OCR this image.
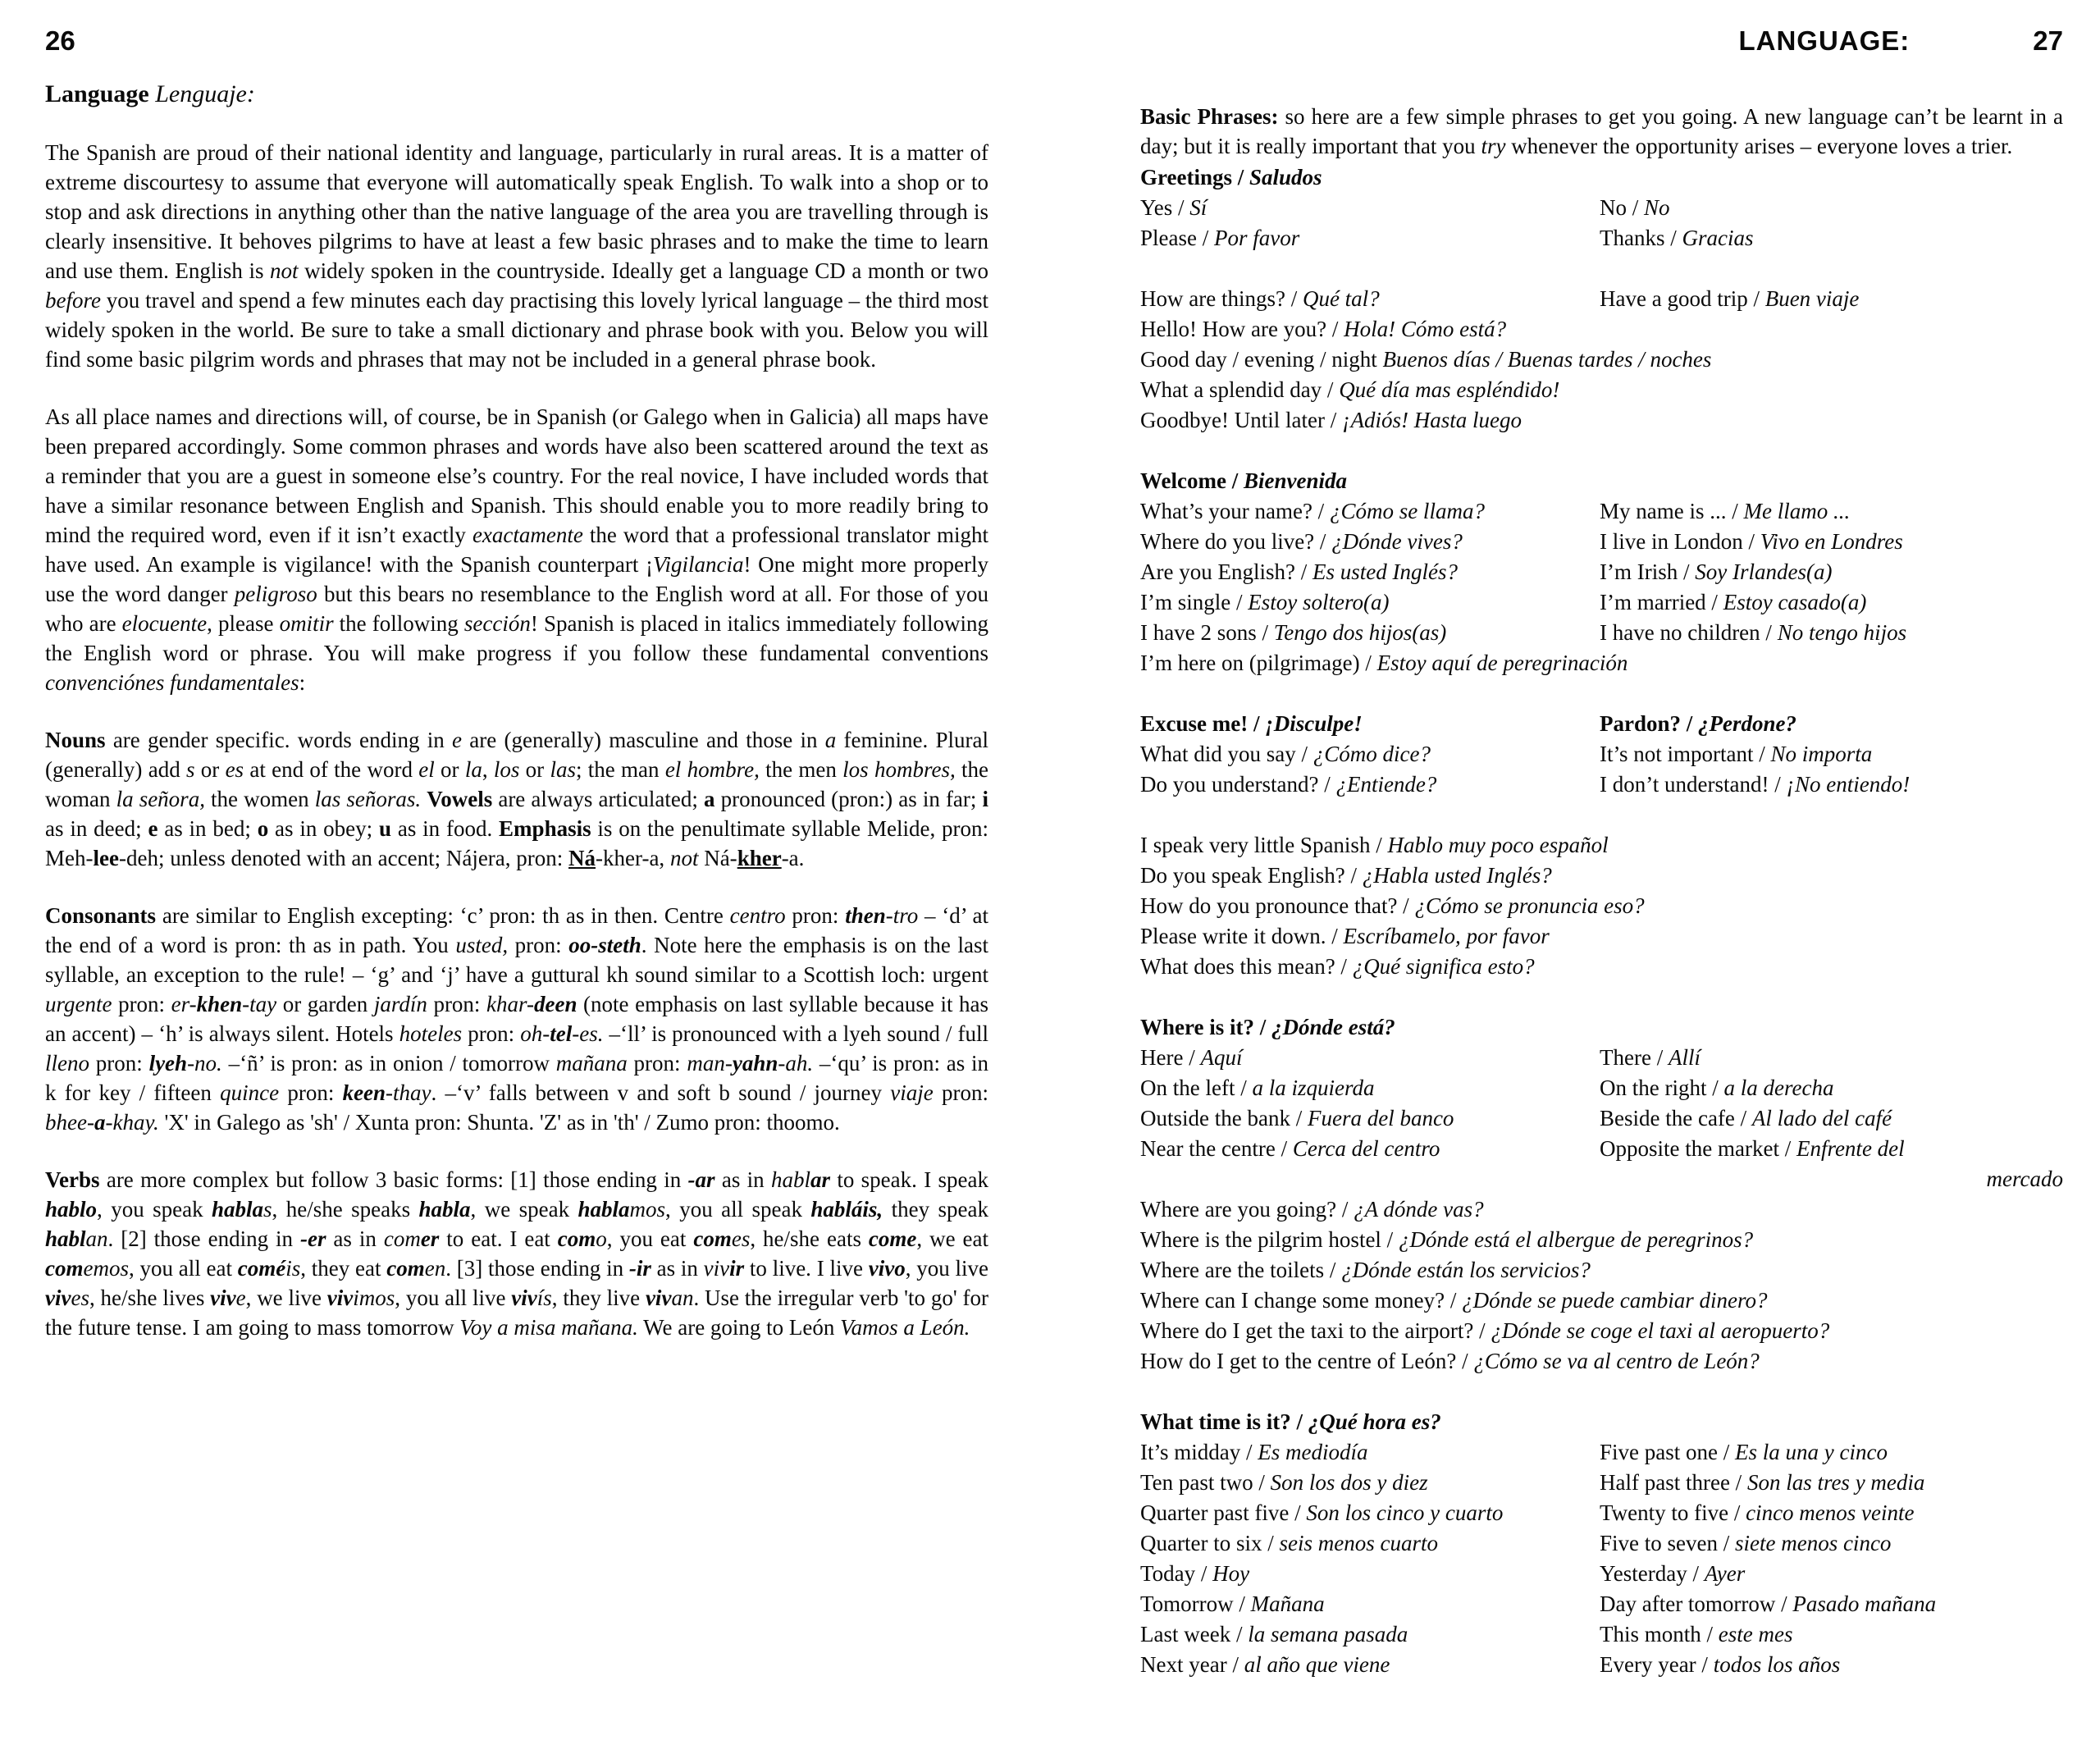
26
Language Lenguaje:

The Spanish are proud of their national identity and language, particularly in rural areas. It is a matter of extreme discourtesy to assume that everyone will automatically speak English. To walk into a shop or to stop and ask directions in anything other than the native language of the area you are travelling through is clearly insensitive. It behoves pilgrims to have at least a few basic phrases and to make the time to learn and use them. English is not widely spoken in the countryside. Ideally get a language CD a month or two before you travel and spend a few minutes each day practising this lovely lyrical language – the third most widely spoken in the world. Be sure to take a small dictionary and phrase book with you. Below you will find some basic pilgrim words and phrases that may not be included in a general phrase book.

As all place names and directions will, of course, be in Spanish (or Galego when in Galicia) all maps have been prepared accordingly. Some common phrases and words have also been scattered around the text as a reminder that you are a guest in someone else’s country. For the real novice, I have included words that have a similar resonance between English and Spanish. This should enable you to more readily bring to mind the required word, even if it isn’t exactly exactamente the word that a professional translator might have used. An example is vigilance! with the Spanish counterpart ¡Vigilancia! One might more properly use the word danger peligroso but this bears no resemblance to the English word at all. For those of you who are elocuente, please omitir the following sección! Spanish is placed in italics immediately following the English word or phrase. You will make progress if you follow these fundamental conventions convenciónes fundamentales:

Nouns are gender specific. words ending in e are (generally) masculine and those in a feminine. Plural (generally) add s or es at end of the word el or la, los or las; the man el hombre, the men los hombres, the woman la señora, the women las señoras. Vowels are always articulated; a pronounced (pron:) as in far; i as in deed; e as in bed; o as in obey; u as in food. Emphasis is on the penultimate syllable Melide, pron: Meh-lee-deh; unless denoted with an accent; Nájera, pron: Ná-kher-a, not Ná-kher-a.

Consonants are similar to English excepting: ‘c’ pron: th as in then. Centre centro pron: then-tro – ‘d’ at the end of a word is pron: th as in path. You usted, pron: oo-steth. Note here the emphasis is on the last syllable, an exception to the rule! – ‘g’ and ‘j’ have a guttural kh sound similar to a Scottish loch: urgent urgente pron: er-khen-tay or garden jardín pron: khar-deen (note emphasis on last syllable because it has an accent) – ‘h’ is always silent. Hotels hoteles pron: oh-tel-es. –‘ll’ is pronounced with a lyeh sound / full lleno pron: lyeh-no. –‘ñ’ is pron: as in onion / tomorrow mañana pron: man-yahn-ah. –‘qu’ is pron: as in k for key / fifteen quince pron: keen-thay. –‘v’ falls between v and soft b sound / journey viaje pron: bhee-a-khay. 'X' in Galego as 'sh' / Xunta pron: Shunta. 'Z' as in 'th' / Zumo pron: thoomo.

Verbs are more complex but follow 3 basic forms: [1] those ending in -ar as in hablar to speak. I speak hablo, you speak hablas, he/she speaks habla, we speak hablamos, you all speak habláis, they speak hablan. [2] those ending in -er as in comer to eat. I eat como, you eat comes, he/she eats come, we eat comemos, you all eat coméis, they eat comen. [3] those ending in -ir as in vivir to live. I live vivo, you live vives, he/she lives vive, we live vivimos, you all live vivís, they live vivan. Use the irregular verb 'to go' for the future tense. I am going to mass tomorrow Voy a misa mañana. We are going to León Vamos a León.

LANGUAGE:	27

Basic Phrases: so here are a few simple phrases to get you going. A new language can’t be learnt in a day; but it is really important that you try whenever the opportunity arises – everyone loves a trier.

Greetings / Saludos
Yes / Sí	No / No
Please / Por favor	Thanks / Gracias
How are things? / Qué tal?	Have a good trip / Buen viaje
Hello! How are you? / Hola! Cómo está?
Good day / evening / night Buenos días / Buenas tardes / noches
What a splendid day / Qué día mas espléndido!
Goodbye! Until later / ¡Adiós! Hasta luego
Welcome / Bienvenida
What’s your name? / ¿Cómo se llama?	My name is ... / Me llamo ...
Where do you live? / ¿Dónde vives?	I live in London / Vivo en Londres
Are you English? / Es usted Inglés?	I’m Irish / Soy Irlandes(a)
I’m single / Estoy soltero(a)	I’m married / Estoy casado(a)
I have 2 sons / Tengo dos hijos(as)	I have no children / No tengo hijos
I’m here on (pilgrimage) / Estoy aquí de peregrinación
Excuse me! / ¡Disculpe!	Pardon? / ¿Perdone?
What did you say / ¿Cómo dice?	It’s not important / No importa
Do you understand? / ¿Entiende?	I don’t understand! / ¡No entiendo!
I speak very little Spanish / Hablo muy poco español
Do you speak English? / ¿Habla usted Inglés?
How do you pronounce that? / ¿Cómo se pronuncia eso?
Please write it down. / Escríbamelo, por favor
What does this mean? / ¿Qué significa esto?
Where is it? / ¿Dónde está?
Here / Aquí	There / Allí
On the left / a la izquierda	On the right / a la derecha
Outside the bank / Fuera del banco	Beside the cafe / Al lado del café
Near the centre / Cerca del centro	Opposite the market / Enfrente del
mercado
Where are you going? / ¿A dónde vas?
Where is the pilgrim hostel / ¿Dónde está el albergue de peregrinos?
Where are the toilets / ¿Dónde están los servicios?
Where can I change some money? / ¿Dónde se puede cambiar dinero?
Where do I get the taxi to the airport? / ¿Dónde se coge el taxi al aeropuerto?
How do I get to the centre of León? / ¿Cómo se va al centro de León?
What time is it? / ¿Qué hora es?
It’s midday / Es mediodía	Five past one / Es la una y cinco
Ten past two / Son los dos y diez	Half past three / Son las tres y media
Quarter past five / Son los cinco y cuarto	Twenty to five / cinco menos veinte
Quarter to six / seis menos cuarto	Five to seven / siete menos cinco
Today / Hoy	Yesterday / Ayer
Tomorrow / Mañana	Day after tomorrow / Pasado mañana
Last week / la semana pasada	This month / este mes
Next year / al año que viene	Every year / todos los años
